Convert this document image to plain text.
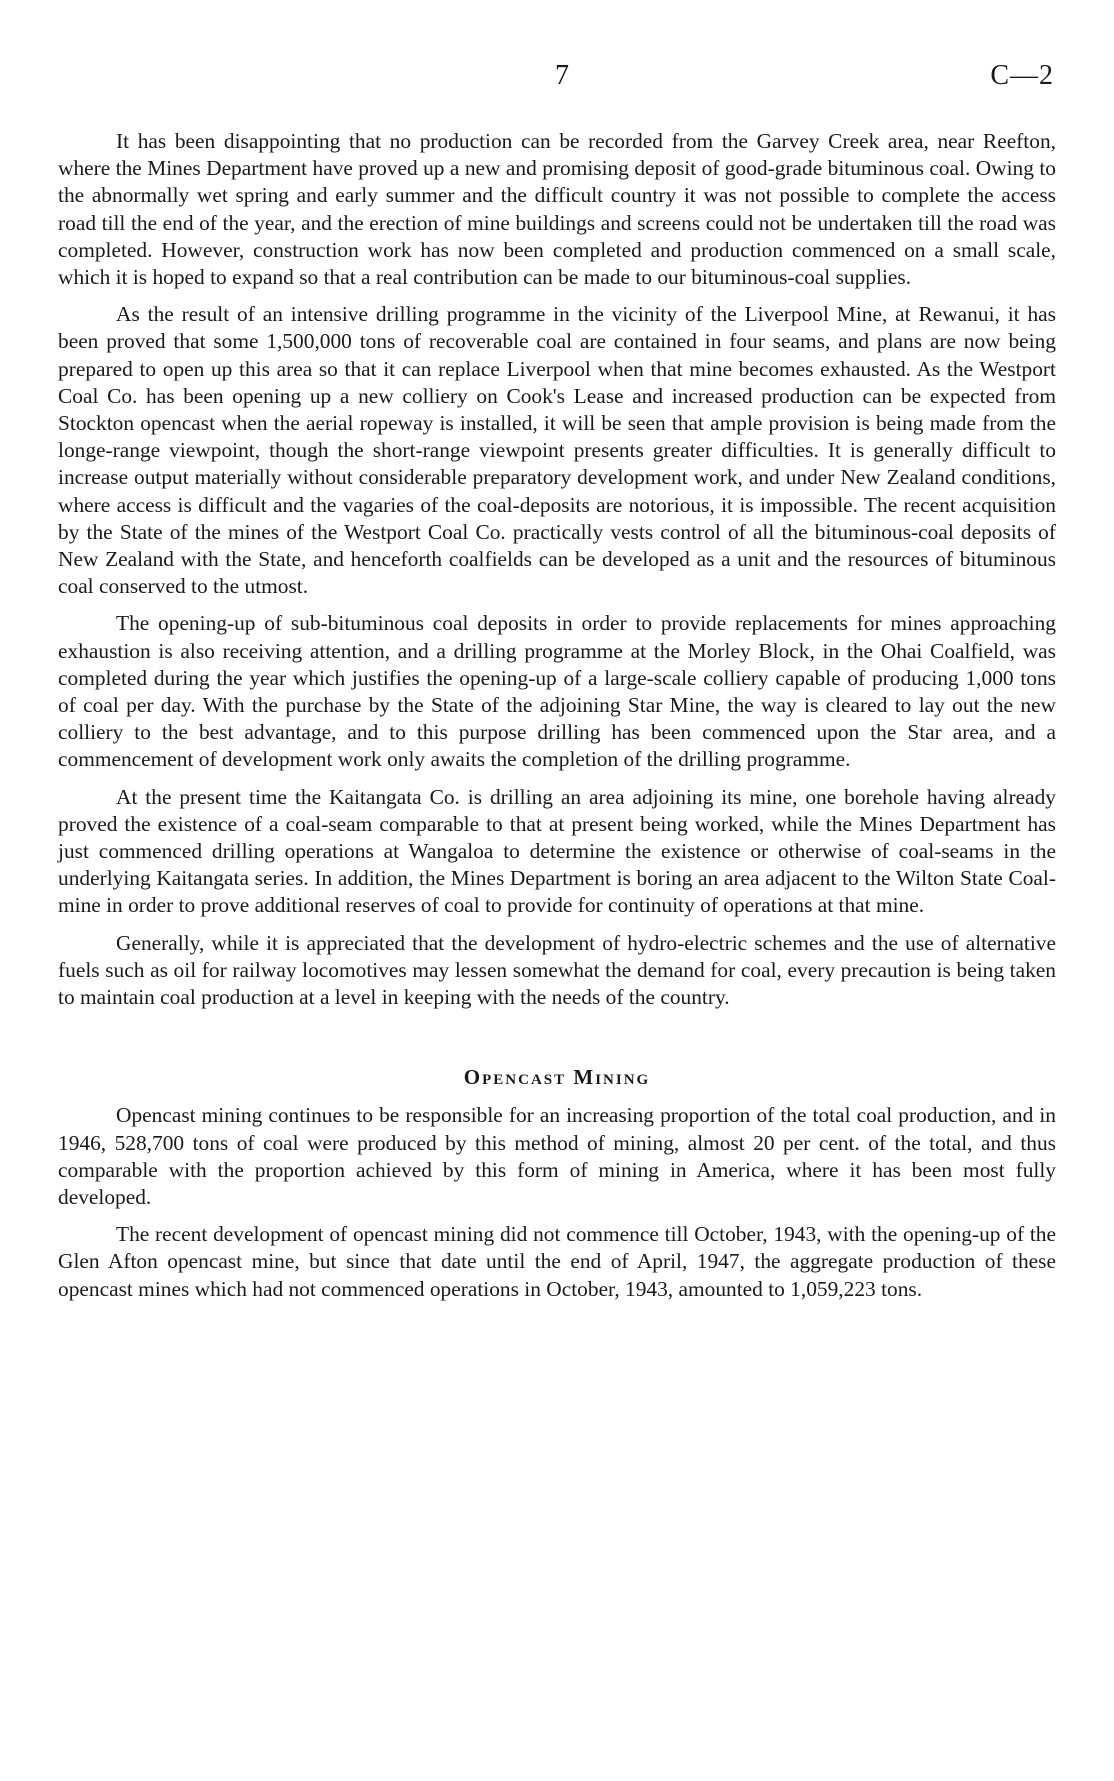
7	C—2

It has been disappointing that no production can be recorded from the Garvey Creek area, near Reefton, where the Mines Department have proved up a new and promising deposit of good-grade bituminous coal. Owing to the abnormally wet spring and early summer and the difficult country it was not possible to complete the access road till the end of the year, and the erection of mine buildings and screens could not be undertaken till the road was completed. However, construction work has now been completed and production commenced on a small scale, which it is hoped to expand so that a real contribution can be made to our bituminous-coal supplies.

As the result of an intensive drilling programme in the vicinity of the Liverpool Mine, at Rewanui, it has been proved that some 1,500,000 tons of recoverable coal are contained in four seams, and plans are now being prepared to open up this area so that it can replace Liverpool when that mine becomes exhausted. As the Westport Coal Co. has been opening up a new colliery on Cook's Lease and increased production can be expected from Stockton opencast when the aerial ropeway is installed, it will be seen that ample provision is being made from the longe-range viewpoint, though the short-range viewpoint presents greater difficulties. It is generally difficult to increase output materially without considerable preparatory development work, and under New Zealand conditions, where access is difficult and the vagaries of the coal-deposits are notorious, it is impossible. The recent acquisition by the State of the mines of the Westport Coal Co. practically vests control of all the bituminous-coal deposits of New Zealand with the State, and henceforth coalfields can be developed as a unit and the resources of bituminous coal conserved to the utmost.

The opening-up of sub-bituminous coal deposits in order to provide replacements for mines approaching exhaustion is also receiving attention, and a drilling programme at the Morley Block, in the Ohai Coalfield, was completed during the year which justifies the opening-up of a large-scale colliery capable of producing 1,000 tons of coal per day. With the purchase by the State of the adjoining Star Mine, the way is cleared to lay out the new colliery to the best advantage, and to this purpose drilling has been commenced upon the Star area, and a commencement of development work only awaits the completion of the drilling programme.

At the present time the Kaitangata Co. is drilling an area adjoining its mine, one borehole having already proved the existence of a coal-seam comparable to that at present being worked, while the Mines Department has just commenced drilling operations at Wangaloa to determine the existence or otherwise of coal-seams in the underlying Kaitangata series. In addition, the Mines Department is boring an area adjacent to the Wilton State Coal-mine in order to prove additional reserves of coal to provide for continuity of operations at that mine.

Generally, while it is appreciated that the development of hydro-electric schemes and the use of alternative fuels such as oil for railway locomotives may lessen somewhat the demand for coal, every precaution is being taken to maintain coal production at a level in keeping with the needs of the country.

Opencast Mining

Opencast mining continues to be responsible for an increasing proportion of the total coal production, and in 1946, 528,700 tons of coal were produced by this method of mining, almost 20 per cent. of the total, and thus comparable with the proportion achieved by this form of mining in America, where it has been most fully developed.

The recent development of opencast mining did not commence till October, 1943, with the opening-up of the Glen Afton opencast mine, but since that date until the end of April, 1947, the aggregate production of these opencast mines which had not commenced operations in October, 1943, amounted to 1,059,223 tons.
